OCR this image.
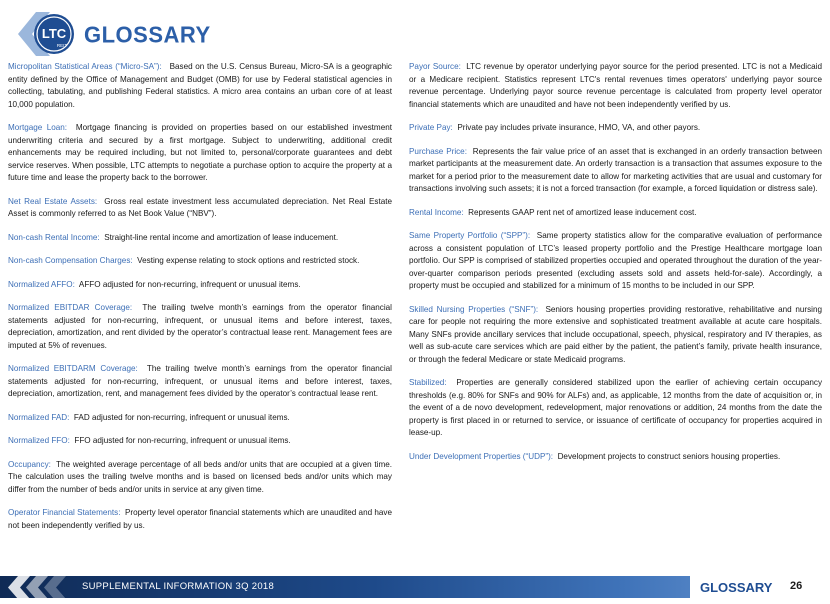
LTC
REIT GLOSSARY

Micropolitan Statistical Areas (“Micro-SA”): Based on the U.S. Census Bureau, Micro-SA is a geographic entity defined by the Office of Management and Budget (OMB) for use by Federal statistical agencies in collecting, tabulating, and publishing Federal statistics. A micro area contains an urban core of at least 10,000 population.

Mortgage Loan: Mortgage financing is provided on properties based on our established investment underwriting criteria and secured by a first mortgage. Subject to underwriting, additional credit enhancements may be required including, but not limited to, personal/corporate guarantees and debt service reserves. When possible, LTC attempts to negotiate a purchase option to acquire the property at a future time and lease the property back to the borrower.

Net Real Estate Assets: Gross real estate investment less accumulated depreciation. Net Real Estate Asset is commonly referred to as Net Book Value (“NBV”).

Non-cash Rental Income: Straight-line rental income and amortization of lease inducement.

Non-cash Compensation Charges: Vesting expense relating to stock options and restricted stock.

Normalized AFFO: AFFO adjusted for non-recurring, infrequent or unusual items.

Normalized EBITDAR Coverage: The trailing twelve month’s earnings from the operator financial statements adjusted for non-recurring, infrequent, or unusual items and before interest, taxes, depreciation, amortization, and rent divided by the operator’s contractual lease rent. Management fees are imputed at 5% of revenues.

Normalized EBITDARM Coverage: The trailing twelve month’s earnings from the operator financial statements adjusted for non-recurring, infrequent, or unusual items and before interest, taxes, depreciation, amortization, rent, and management fees divided by the operator’s contractual lease rent.

Normalized FAD: FAD adjusted for non-recurring, infrequent or unusual items.

Normalized FFO: FFO adjusted for non-recurring, infrequent or unusual items.

Occupancy: The weighted average percentage of all beds and/or units that are occupied at a given time. The calculation uses the trailing twelve months and is based on licensed beds and/or units which may differ from the number of beds and/or units in service at any given time.

Operator Financial Statements: Property level operator financial statements which are unaudited and have not been independently verified by us.

Payor Source: LTC revenue by operator underlying payor source for the period presented. LTC is not a Medicaid or a Medicare recipient. Statistics represent LTC's rental revenues times operators' underlying payor source revenue percentage. Underlying payor source revenue percentage is calculated from property level operator financial statements which are unaudited and have not been independently verified by us.

Private Pay: Private pay includes private insurance, HMO, VA, and other payors.

Purchase Price: Represents the fair value price of an asset that is exchanged in an orderly transaction between market participants at the measurement date. An orderly transaction is a transaction that assumes exposure to the market for a period prior to the measurement date to allow for marketing activities that are usual and customary for transactions involving such assets; it is not a forced transaction (for example, a forced liquidation or distress sale).

Rental Income: Represents GAAP rent net of amortized lease inducement cost.

Same Property Portfolio (“SPP”): Same property statistics allow for the comparative evaluation of performance across a consistent population of LTC’s leased property portfolio and the Prestige Healthcare mortgage loan portfolio. Our SPP is comprised of stabilized properties occupied and operated throughout the duration of the year-over-quarter comparison periods presented (excluding assets sold and assets held-for-sale). Accordingly, a property must be occupied and stabilized for a minimum of 15 months to be included in our SPP.

Skilled Nursing Properties (“SNF”): Seniors housing properties providing restorative, rehabilitative and nursing care for people not requiring the more extensive and sophisticated treatment available at acute care hospitals. Many SNFs provide ancillary services that include occupational, speech, physical, respiratory and IV therapies, as well as sub-acute care services which are paid either by the patient, the patient’s family, private health insurance, or through the federal Medicare or state Medicaid programs.

Stabilized: Properties are generally considered stabilized upon the earlier of achieving certain occupancy thresholds (e.g. 80% for SNFs and 90% for ALFs) and, as applicable, 12 months from the date of acquisition or, in the event of a de novo development, redevelopment, major renovations or addition, 24 months from the date the property is first placed in or returned to service, or issuance of certificate of occupancy for properties acquired in lease-up.

Under Development Properties (“UDP”): Development projects to construct seniors housing properties.

SUPPLEMENTAL INFORMATION 3Q 2018	GLOSSARY 26
